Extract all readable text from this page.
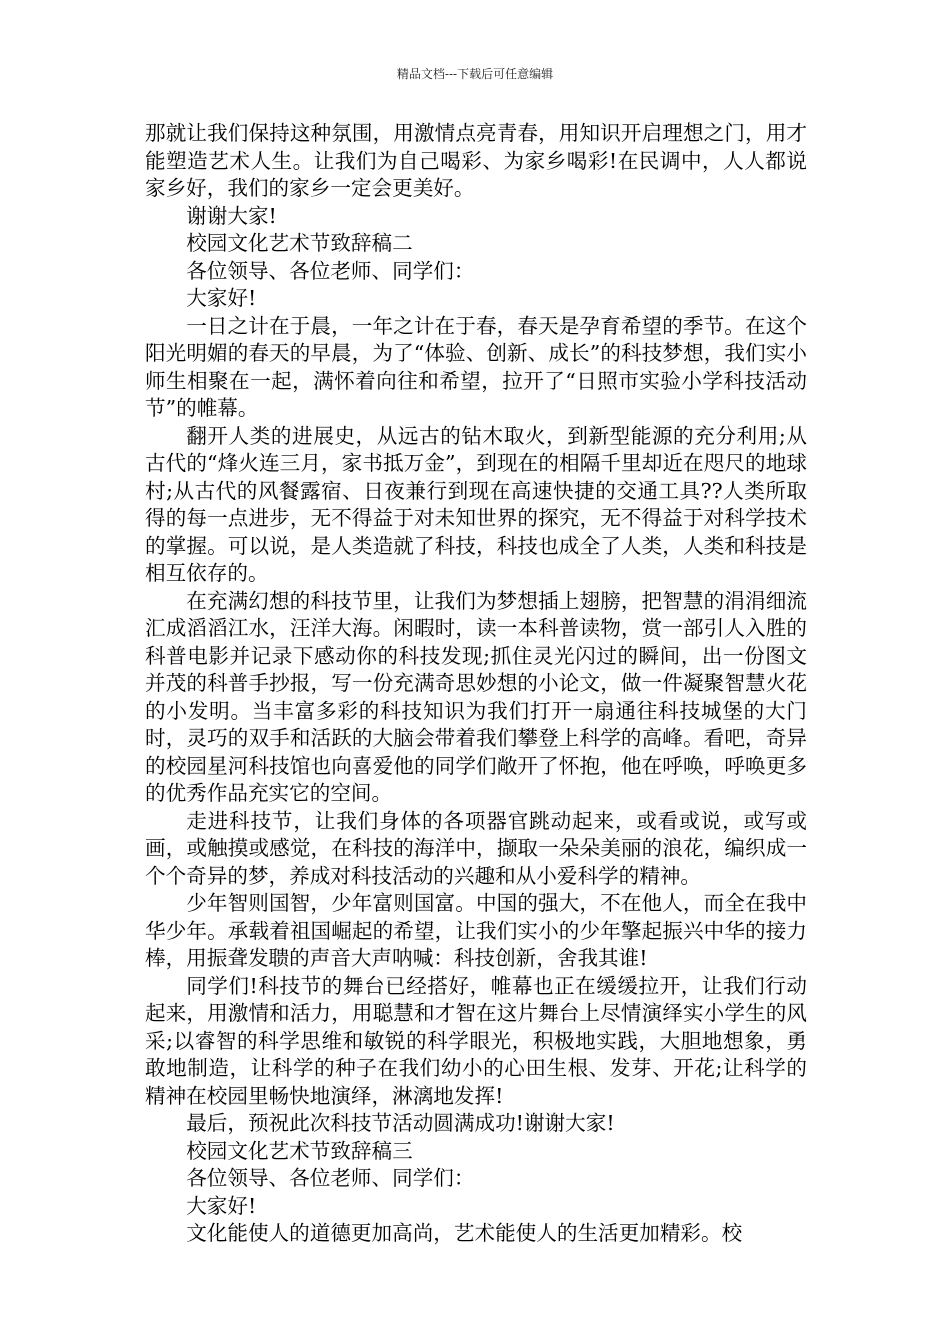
精品文档---下载后可任意编辑

那就让我们保持这种氛围，用激情点亮青春，用知识开启理想之门，用才能塑造艺术人生。让我们为自己喝彩、为家乡喝彩!在民调中，人人都说家乡好，我们的家乡一定会更美好。

谢谢大家!

校园文化艺术节致辞稿二

各位领导、各位老师、同学们：

大家好!

一日之计在于晨，一年之计在于春，春天是孕育希望的季节。在这个阳光明媚的春天的早晨，为了“体验、创新、成长”的科技梦想，我们实小师生相聚在一起，满怀着向往和希望，拉开了“日照市实验小学科技活动节”的帷幕。

翻开人类的进展史，从远古的钻木取火，到新型能源的充分利用;从古代的“烽火连三月，家书抵万金”，到现在的相隔千里却近在咫尺的地球村;从古代的风餐露宿、日夜兼行到现在高速快捷的交通工具??人类所取得的每一点进步，无不得益于对未知世界的探究，无不得益于对科学技术的掌握。可以说，是人类造就了科技，科技也成全了人类，人类和科技是相互依存的。

在充满幻想的科技节里，让我们为梦想插上翅膀，把智慧的涓涓细流汇成滔滔江水，汪洋大海。闲暇时，读一本科普读物，赏一部引人入胜的科普电影并记录下感动你的科技发现;抓住灵光闪过的瞬间，出一份图文并茂的科普手抄报，写一份充满奇思妙想的小论文，做一件凝聚智慧火花的小发明。当丰富多彩的科技知识为我们打开一扇通往科技城堡的大门时，灵巧的双手和活跃的大脑会带着我们攀登上科学的高峰。看吧，奇异的校园星河科技馆也向喜爱他的同学们敞开了怀抱，他在呼唤，呼唤更多的优秀作品充实它的空间。

走进科技节，让我们身体的各项器官跳动起来，或看或说，或写或画，或触摸或感觉，在科技的海洋中，撷取一朵朵美丽的浪花，编织成一个个奇异的梦，养成对科技活动的兴趣和从小爱科学的精神。

少年智则国智，少年富则国富。中国的强大，不在他人，而全在我中华少年。承载着祖国崛起的希望，让我们实小的少年擎起振兴中华的接力棒，用振聋发聩的声音大声呐喊：科技创新，舍我其谁!

同学们!科技节的舞台已经搭好，帷幕也正在缓缓拉开，让我们行动起来，用激情和活力，用聪慧和才智在这片舞台上尽情演绎实小学生的风采;以睿智的科学思维和敏锐的科学眼光，积极地实践，大胆地想象，勇敢地制造，让科学的种子在我们幼小的心田生根、发芽、开花;让科学的精神在校园里畅快地演绎，淋漓地发挥!

最后，预祝此次科技节活动圆满成功!谢谢大家!

校园文化艺术节致辞稿三

各位领导、各位老师、同学们：

大家好!

文化能使人的道德更加高尚，艺术能使人的生活更加精彩。校
